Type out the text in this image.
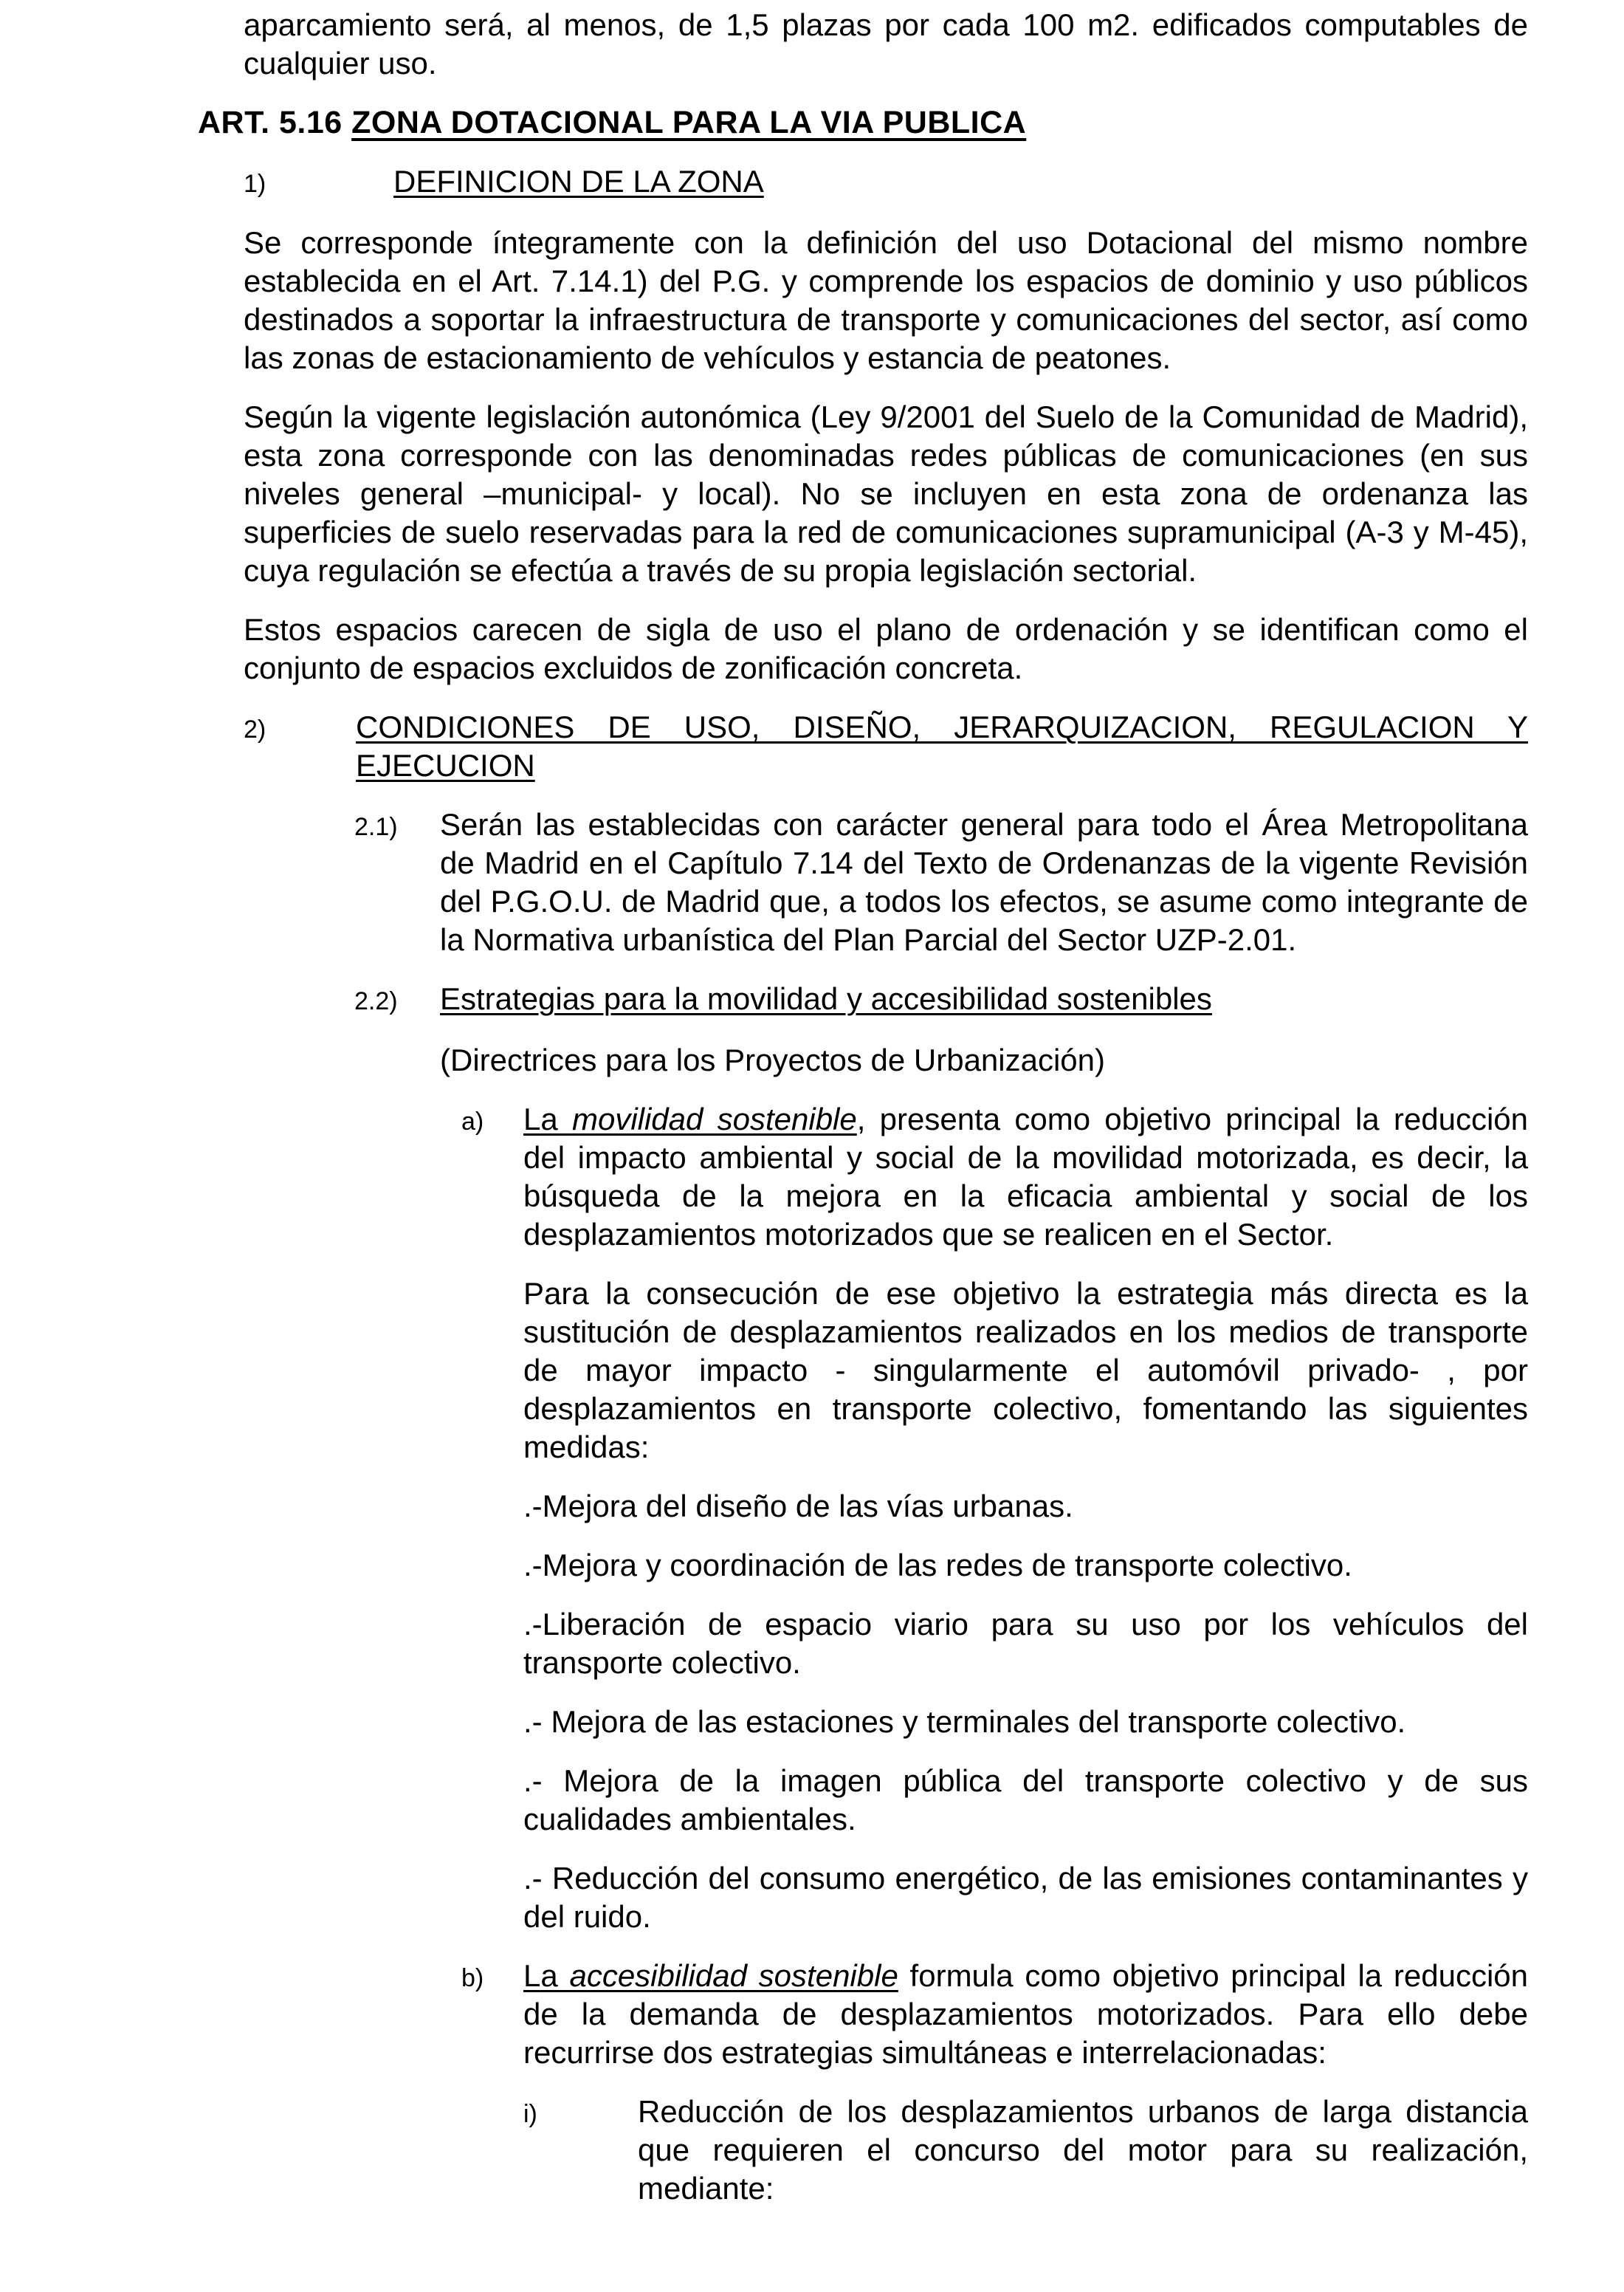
aparcamiento será, al menos, de 1,5 plazas por cada 100 m2. edificados computables de cualquier uso.
ART. 5.16 ZONA DOTACIONAL PARA LA VIA PUBLICA
1)	DEFINICION DE LA ZONA
Se corresponde íntegramente con la definición del uso Dotacional del mismo nombre establecida en el Art. 7.14.1) del P.G. y comprende los espacios de dominio y uso públicos destinados a soportar la infraestructura de transporte y comunicaciones del sector, así como las zonas de estacionamiento de vehículos y estancia de peatones.
Según la vigente legislación autonómica (Ley 9/2001 del Suelo de la Comunidad de Madrid), esta zona corresponde con las denominadas redes públicas de comunicaciones (en sus niveles general –municipal- y local). No se incluyen en esta zona de ordenanza las superficies de suelo reservadas para la red de comunicaciones supramunicipal (A-3 y M-45), cuya regulación se efectúa a través de su propia legislación sectorial.
Estos espacios carecen de sigla de uso el plano de ordenación y se identifican como el conjunto de espacios excluidos de zonificación concreta.
2)	CONDICIONES DE USO, DISEÑO, JERARQUIZACION, REGULACION Y EJECUCION
2.1)	Serán las establecidas con carácter general para todo el Área Metropolitana de Madrid en el Capítulo 7.14 del Texto de Ordenanzas de la vigente Revisión del P.G.O.U. de Madrid que, a todos los efectos, se asume como integrante de la Normativa urbanística del Plan Parcial del Sector UZP-2.01.
2.2)	Estrategias para la movilidad y accesibilidad sostenibles
(Directrices para los Proyectos de Urbanización)
a)	La movilidad sostenible, presenta como objetivo principal la reducción del impacto ambiental y social de la movilidad motorizada, es decir, la búsqueda de la mejora en la eficacia ambiental y social de los desplazamientos motorizados que se realicen en el Sector.
Para la consecución de ese objetivo la estrategia más directa es la sustitución de desplazamientos realizados en los medios de transporte de mayor impacto - singularmente el automóvil privado- , por desplazamientos en transporte colectivo, fomentando las siguientes medidas:
.-Mejora del diseño de las vías urbanas.
.-Mejora y coordinación de las redes de transporte colectivo.
.-Liberación de espacio viario para su uso por los vehículos del transporte colectivo.
.- Mejora de las estaciones y terminales del transporte colectivo.
.- Mejora de la imagen pública del transporte colectivo y de sus cualidades ambientales.
.- Reducción del consumo energético, de las emisiones contaminantes y del ruido.
b)	La accesibilidad sostenible formula como objetivo principal la reducción de la demanda de desplazamientos motorizados. Para ello debe recurrirse dos estrategias simultáneas e interrelacionadas:
i)	Reducción de los desplazamientos urbanos de larga distancia que requieren el concurso del motor para su realización, mediante:
